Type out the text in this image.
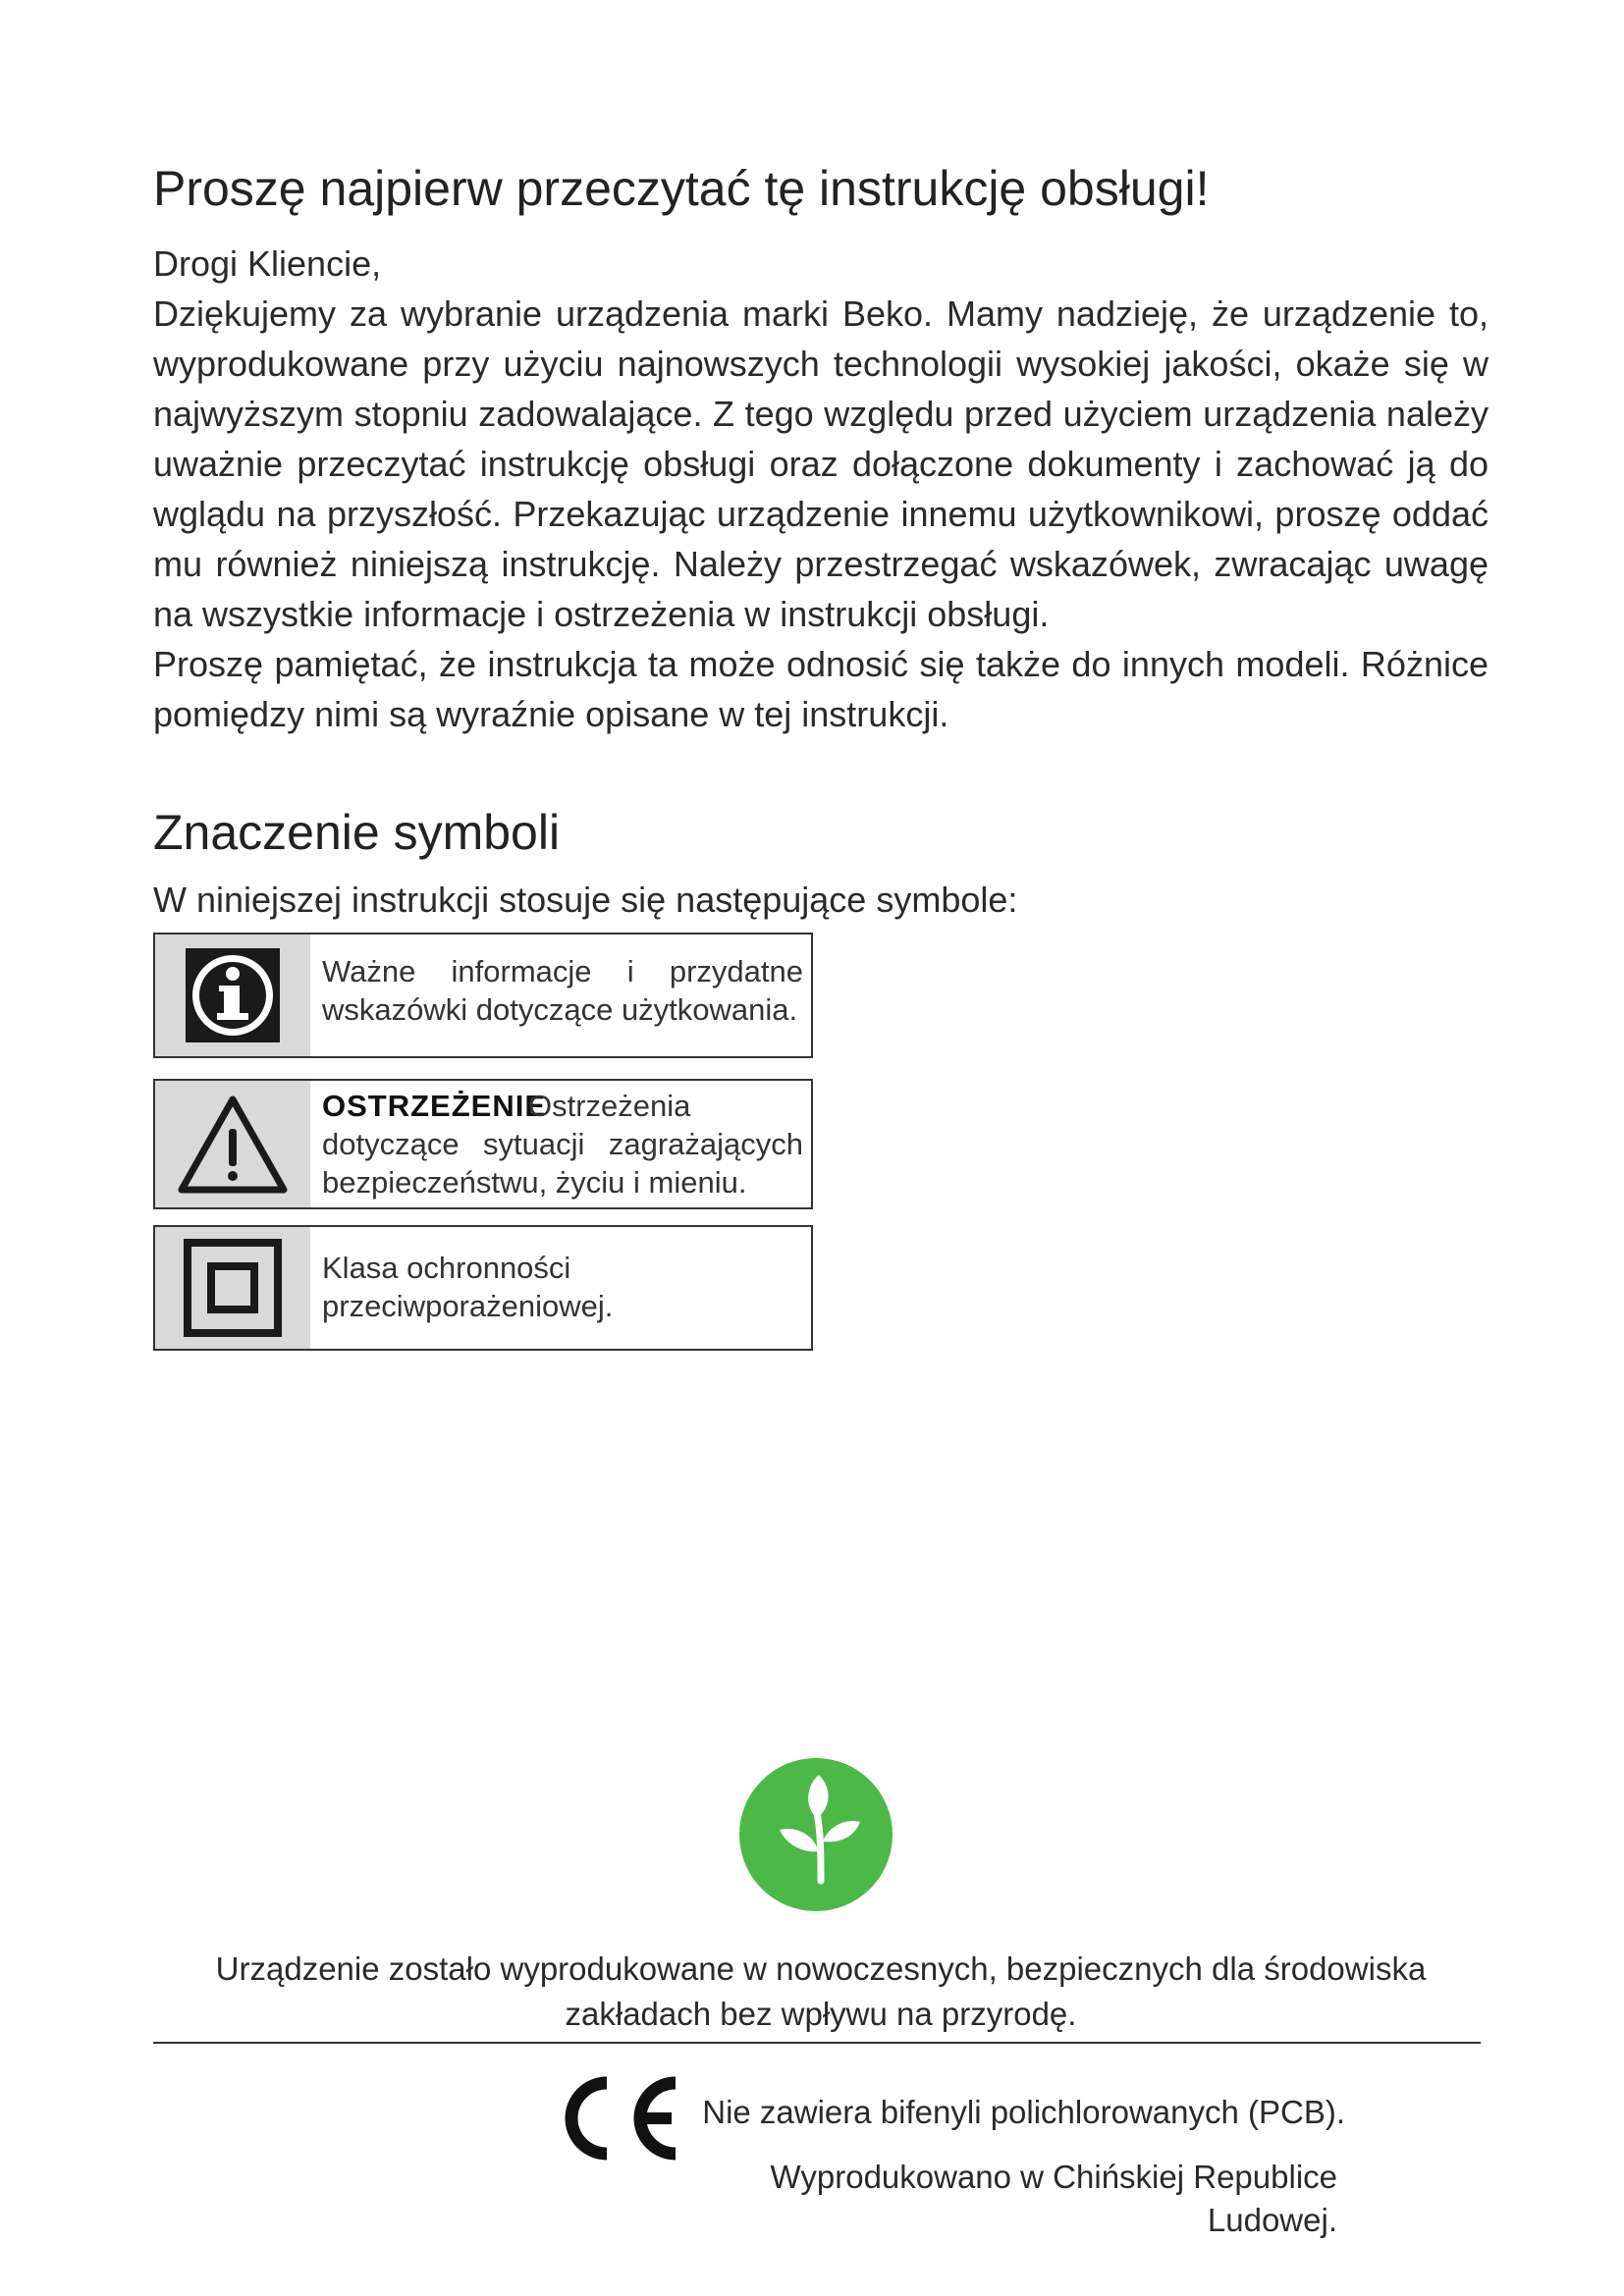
Proszę najpierw przeczytać tę instrukcję obsługi!

Drogi Kliencie,

Dziękujemy za wybranie urządzenia marki Beko. Mamy nadzieję, że urządzenie to, wyprodukowane przy użyciu najnowszych technologii wysokiej jakości, okaże się w najwyższym stopniu zadowalające. Z tego względu przed użyciem urządzenia należy uważnie przeczytać instrukcję obsługi oraz dołączone dokumenty i zachować ją do wglądu na przyszłość. Przekazując urządzenie innemu użytkownikowi, proszę oddać mu również niniejszą instrukcję. Należy przestrzegać wskazówek, zwracając uwagę na wszystkie informacje i ostrzeżenia w instrukcji obsługi.

Proszę pamiętać, że instrukcja ta może odnosić się także do innych modeli. Różnice pomiędzy nimi są wyraźnie opisane w tej instrukcji.

Znaczenie symboli

W niniejszej instrukcji stosuje się następujące symbole:

Ważne informacje i przydatne wskazówki dotyczące użytkowania.
OSTRZEŻENIE
Ostrzeżenia dotyczące sytuacji zagrażających bezpieczeństwu, życiu i mieniu.
Klasa ochronności przeciwporażeniowej.

Urządzenie zostało wyprodukowane w nowoczesnych, bezpiecznych dla środowiska zakładach bez wpływu na przyrodę.

Nie zawiera bifenyli polichlorowanych (PCB).

Wyprodukowano w Chińskiej Republice Ludowej.
